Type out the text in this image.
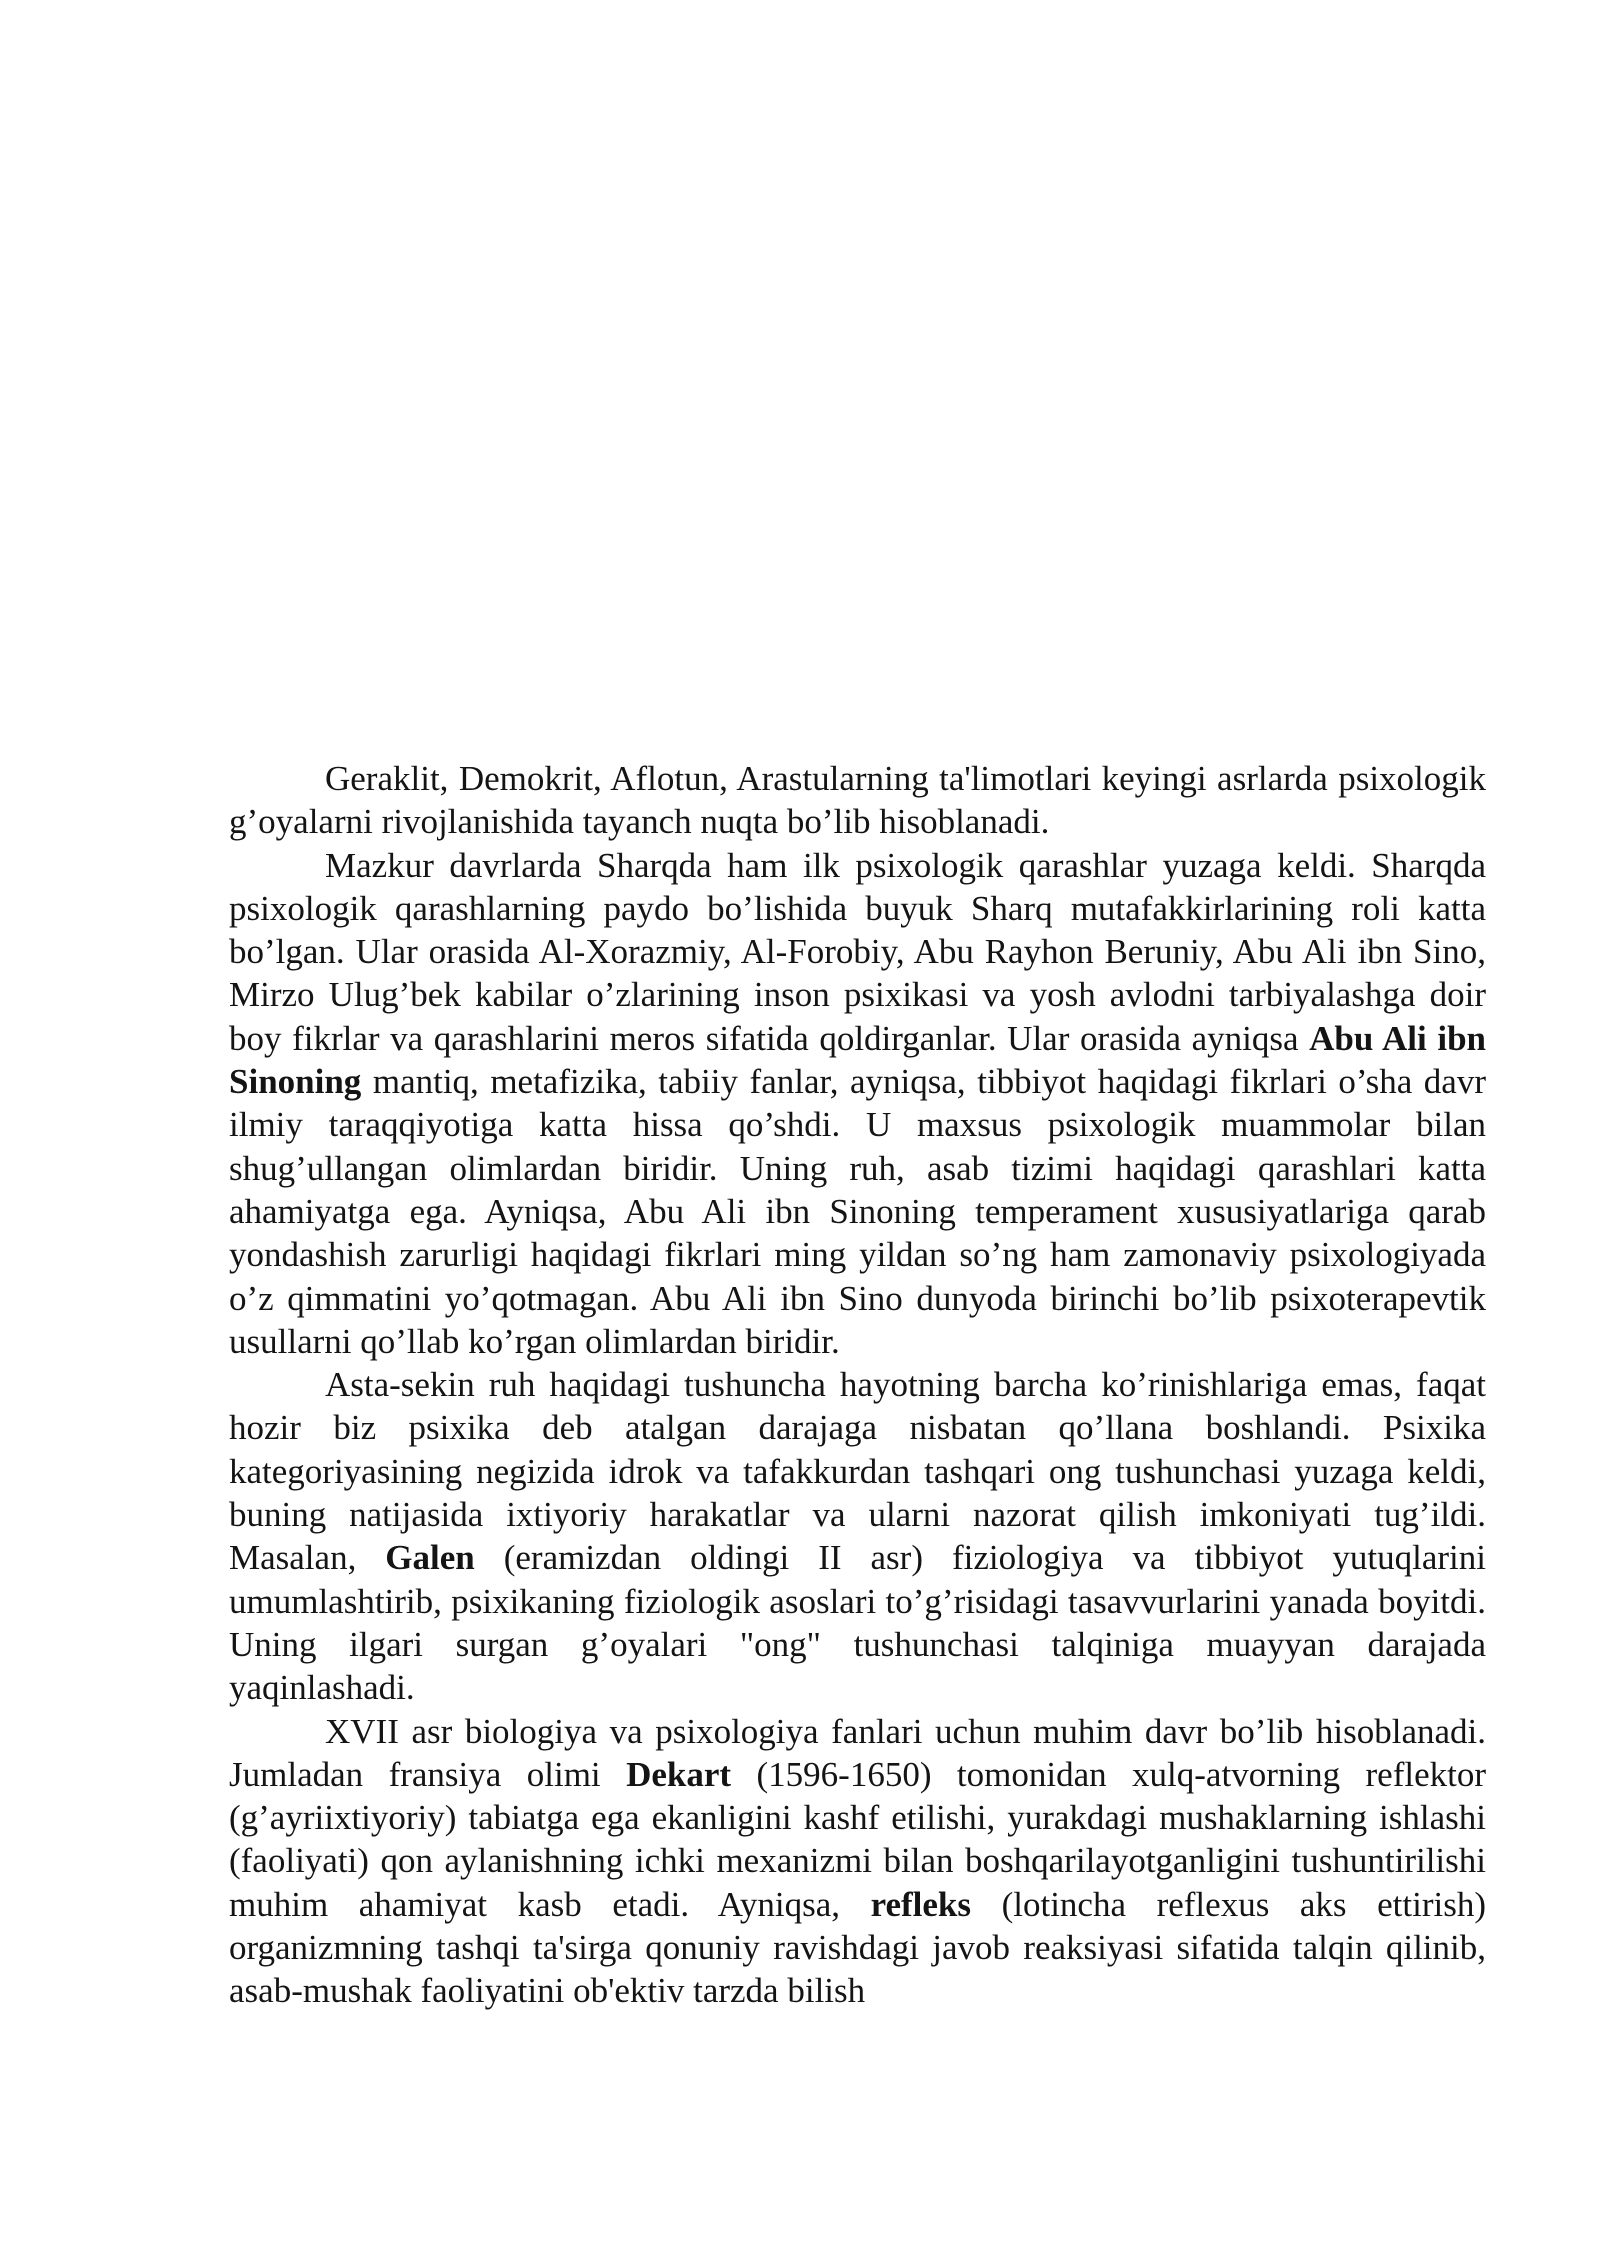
Geraklit, Demokrit, Aflotun, Arastularning ta'limotlari keyingi asrlarda psixologik g’oyalarni rivojlanishida tayanch nuqta bo’lib hisoblanadi.

Mazkur davrlarda Sharqda ham ilk psixologik qarashlar yuzaga keldi. Sharqda psixologik qarashlarning paydo bo’lishida buyuk Sharq mutafakkirlarining roli katta bo’lgan. Ular orasida Al-Xorazmiy, Al-Forobiy, Abu Rayhon Beruniy, Abu Ali ibn Sino, Mirzo Ulug’bek kabilar o’zlarining inson psixikasi va yosh avlodni tarbiyalashga doir boy fikrlar va qarashlarini meros sifatida qoldirganlar. Ular orasida ayniqsa Abu Ali ibn Sinoning mantiq, metafizika, tabiiy fanlar, ayniqsa, tibbiyot haqidagi fikrlari o’sha davr ilmiy taraqqiyotiga katta hissa qo’shdi. U maxsus psixologik muammolar bilan shug’ullangan olimlardan biridir. Uning ruh, asab tizimi haqidagi qarashlari katta ahamiyatga ega. Ayniqsa, Abu Ali ibn Sinoning temperament xususiyatlariga qarab yondashish zarurligi haqidagi fikrlari ming yildan so’ng ham zamonaviy psixologiyada o’z qimmatini yo’qotmagan. Abu Ali ibn Sino dunyoda birinchi bo’lib psixoterapevtik usullarni qo’llab ko’rgan olimlardan biridir.

Asta-sekin ruh haqidagi tushuncha hayotning barcha ko’rinishlariga emas, faqat hozir biz psixika deb atalgan darajaga nisbatan qo’llana boshlandi. Psixika kategoriyasining negizida idrok va tafakkurdan tashqari ong tushunchasi yuzaga keldi, buning natijasida ixtiyoriy harakatlar va ularni nazorat qilish imkoniyati tug’ildi. Masalan, Galen (eramizdan oldingi II asr) fiziologiya va tibbiyot yutuqlarini umumlashtirib, psixikaning fiziologik asoslari to’g’risidagi tasavvurlarini yanada boyitdi. Uning ilgari surgan g’oyalari "ong" tushunchasi talqiniga muayyan darajada yaqinlashadi.

XVII asr biologiya va psixologiya fanlari uchun muhim davr bo’lib hisoblanadi. Jumladan fransiya olimi Dekart (1596-1650) tomonidan xulq-atvorning reflektor (g’ayriixtiyoriy) tabiatga ega ekanligini kashf etilishi, yurakdagi mushaklarning ishlashi (faoliyati) qon aylanishning ichki mexanizmi bilan boshqarilayotganligini tushuntirilishi muhim ahamiyat kasb etadi. Ayniqsa, refleks (lotincha reflexus aks ettirish) organizmning tashqi ta'sirga qonuniy ravishdagi javob reaksiyasi sifatida talqin qilinib, asab-mushak faoliyatini ob'ektiv tarzda bilish
